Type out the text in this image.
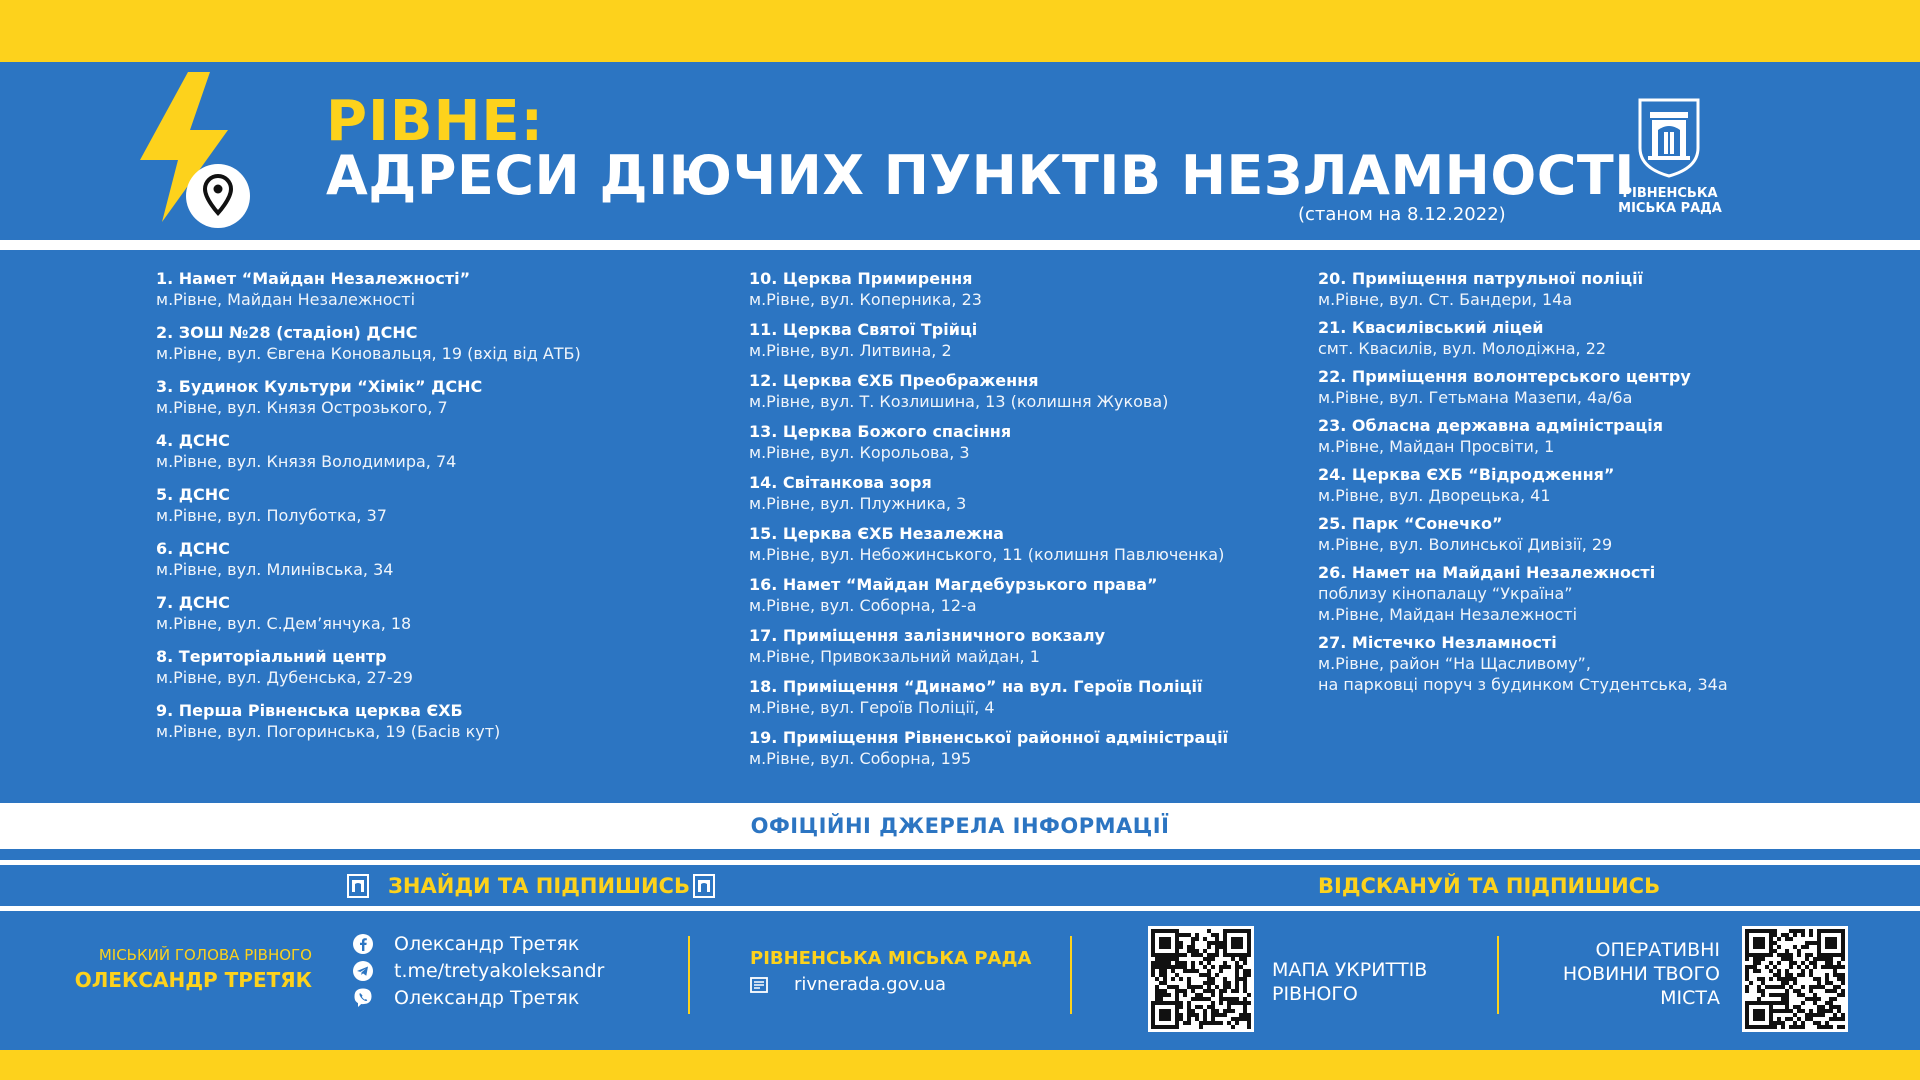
РІВНЕ:
АДРЕСИ ДІЮЧИХ ПУНКТІВ НЕЗЛАМНОСТІ
(станом на 8.12.2022)
РІВНЕНСЬКА
МІСЬКА РАДА
1. Намет “Майдан Незалежності”
м.Рівне, Майдан Незалежності
2. ЗОШ №28 (стадіон) ДСНС
м.Рівне, вул. Євгена Коновальця, 19 (вхід від АТБ)
3. Будинок Культури “Хімік” ДСНС
м.Рівне, вул. Князя Острозького, 7
4. ДСНС
м.Рівне, вул. Князя Володимира, 74
5. ДСНС
м.Рівне, вул. Полуботка, 37
6. ДСНС
м.Рівне, вул. Млинівська, 34
7. ДСНС
м.Рівне, вул. С.Дем’янчука, 18
8. Територіальний центр
м.Рівне, вул. Дубенська, 27-29
9. Перша Рівненська церква ЄХБ
м.Рівне, вул. Погоринська, 19 (Басів кут)
10. Церква Примирення
м.Рівне, вул. Коперника, 23
11. Церква Святої Трійці
м.Рівне, вул. Литвина, 2
12. Церква ЄХБ Преображення
м.Рівне, вул. Т. Козлишина, 13 (колишня Жукова)
13. Церква Божого спасіння
м.Рівне, вул. Корольова, 3
14. Світанкова зоря
м.Рівне, вул. Плужника, 3
15. Церква ЄХБ Незалежна
м.Рівне, вул. Небожинського, 11 (колишня Павлюченка)
16. Намет “Майдан Магдебурзького права”
м.Рівне, вул. Соборна, 12-а
17. Приміщення залізничного вокзалу
м.Рівне, Привокзальний майдан, 1
18. Приміщення “Динамо” на вул. Героїв Поліції
м.Рівне, вул. Героїв Поліції, 4
19. Приміщення Рівненської районної адміністрації
м.Рівне, вул. Соборна, 195
20. Приміщення патрульної поліції
м.Рівне, вул. Ст. Бандери, 14а
21. Квасилівський ліцей
смт. Квасилів, вул. Молодіжна, 22
22. Приміщення волонтерського центру
м.Рівне, вул. Гетьмана Мазепи, 4а/6а
23. Обласна державна адміністрація
м.Рівне, Майдан Просвіти, 1
24. Церква ЄХБ “Відродження”
м.Рівне, вул. Дворецька, 41
25. Парк “Сонечко”
м.Рівне, вул. Волинської Дивізії, 29
26. Намет на Майдані Незалежності
поблизу кінопалацу “Україна”
м.Рівне, Майдан Незалежності
27. Містечко Незламності
м.Рівне, район “На Щасливому”,
на парковці поруч з будинком Студентська, 34а
ОФІЦІЙНІ ДЖЕРЕЛА ІНФОРМАЦІЇ
ЗНАЙДИ ТА ПІДПИШИСЬ	ВІДСКАНУЙ ТА ПІДПИШИСЬ
МІСЬКИЙ ГОЛОВА РІВНОГО
ОЛЕКСАНДР ТРЕТЯК
Олександр Третяк
t.me/tretyakoleksandr
Олександр Третяк
РІВНЕНСЬКА МІСЬКА РАДА
rivnerada.gov.ua
МАПА УКРИТТІВ
РІВНОГО
ОПЕРАТИВНІ
НОВИНИ ТВОГО
МІСТА
